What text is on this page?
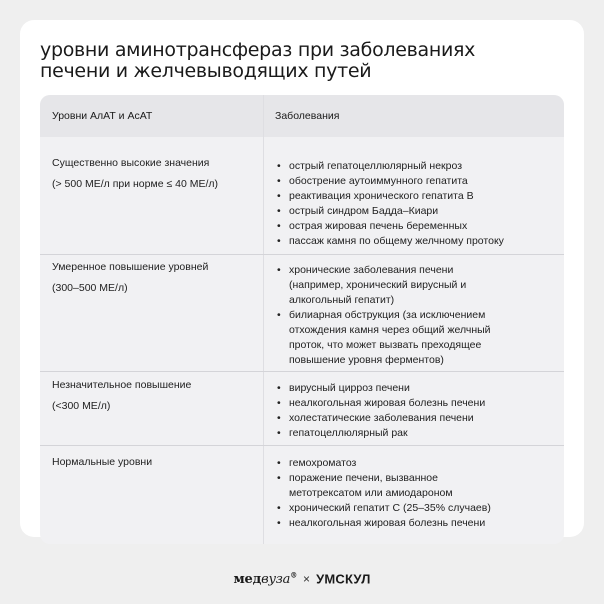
уровни аминотрансфераз при заболеваниях
печени и желчевыводящих путей
Уровни АлАТ и АсАТ	Заболевания
Существенно высокие значения
(> 500 МЕ/л при норме ≤ 40 МЕ/л)
• острый гепатоцеллюлярный некроз
• обострение аутоиммунного гепатита
• реактивация хронического гепатита В
• острый синдром Бадда–Киари
• острая жировая печень беременных
• пассаж камня по общему желчному протоку
Умеренное повышение уровней
(300–500 МЕ/л)
• хронические заболевания печени
(например, хронический вирусный и
алкогольный гепатит)
• билиарная обструкция (за исключением
отхождения камня через общий желчный
проток, что может вызвать преходящее
повышение уровня ферментов)
Незначительное повышение
(<300 МЕ/л)
• вирусный цирроз печени
• неалкогольная жировая болезнь печени
• холестатические заболевания печени
• гепатоцеллюлярный рак
Нормальные уровни
•	гемохроматоз
• поражение печени, вызванное
метотрексатом или амиодароном
• хронический гепатит С (25–35% случаев)
• неалкогольная жировая болезнь печени
медвуза® × УМСКУЛ
